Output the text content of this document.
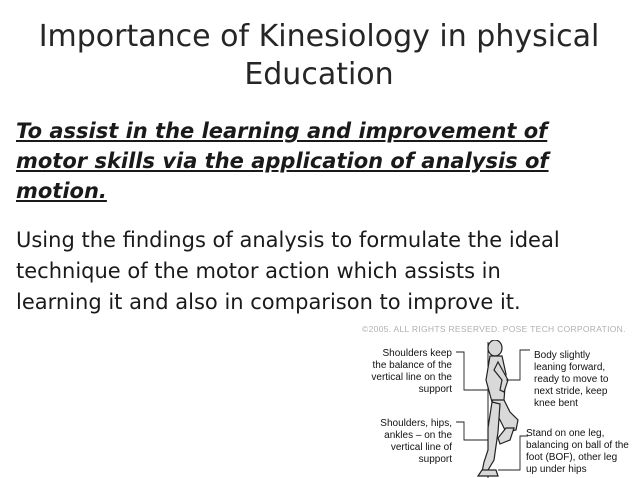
Importance of Kinesiology in physical
Education
To assist in the learning and improvement of
motor skills via the application of analysis of
motion.
Using the findings of analysis to formulate the ideal
technique of the motor action which assists in
learning it and also in comparison to improve it.
©2005. ALL RIGHTS RESERVED. POSE TECH CORPORATION.
Shoulders keep
the balance of the
vertical line on the
support
Body slightly
leaning forward,
ready to move to
next stride, keep
knee bent
Shoulders, hips,
ankles – on the
vertical line of
support
Stand on one leg,
balancing on ball of the
foot (BOF), other leg
up under hips
